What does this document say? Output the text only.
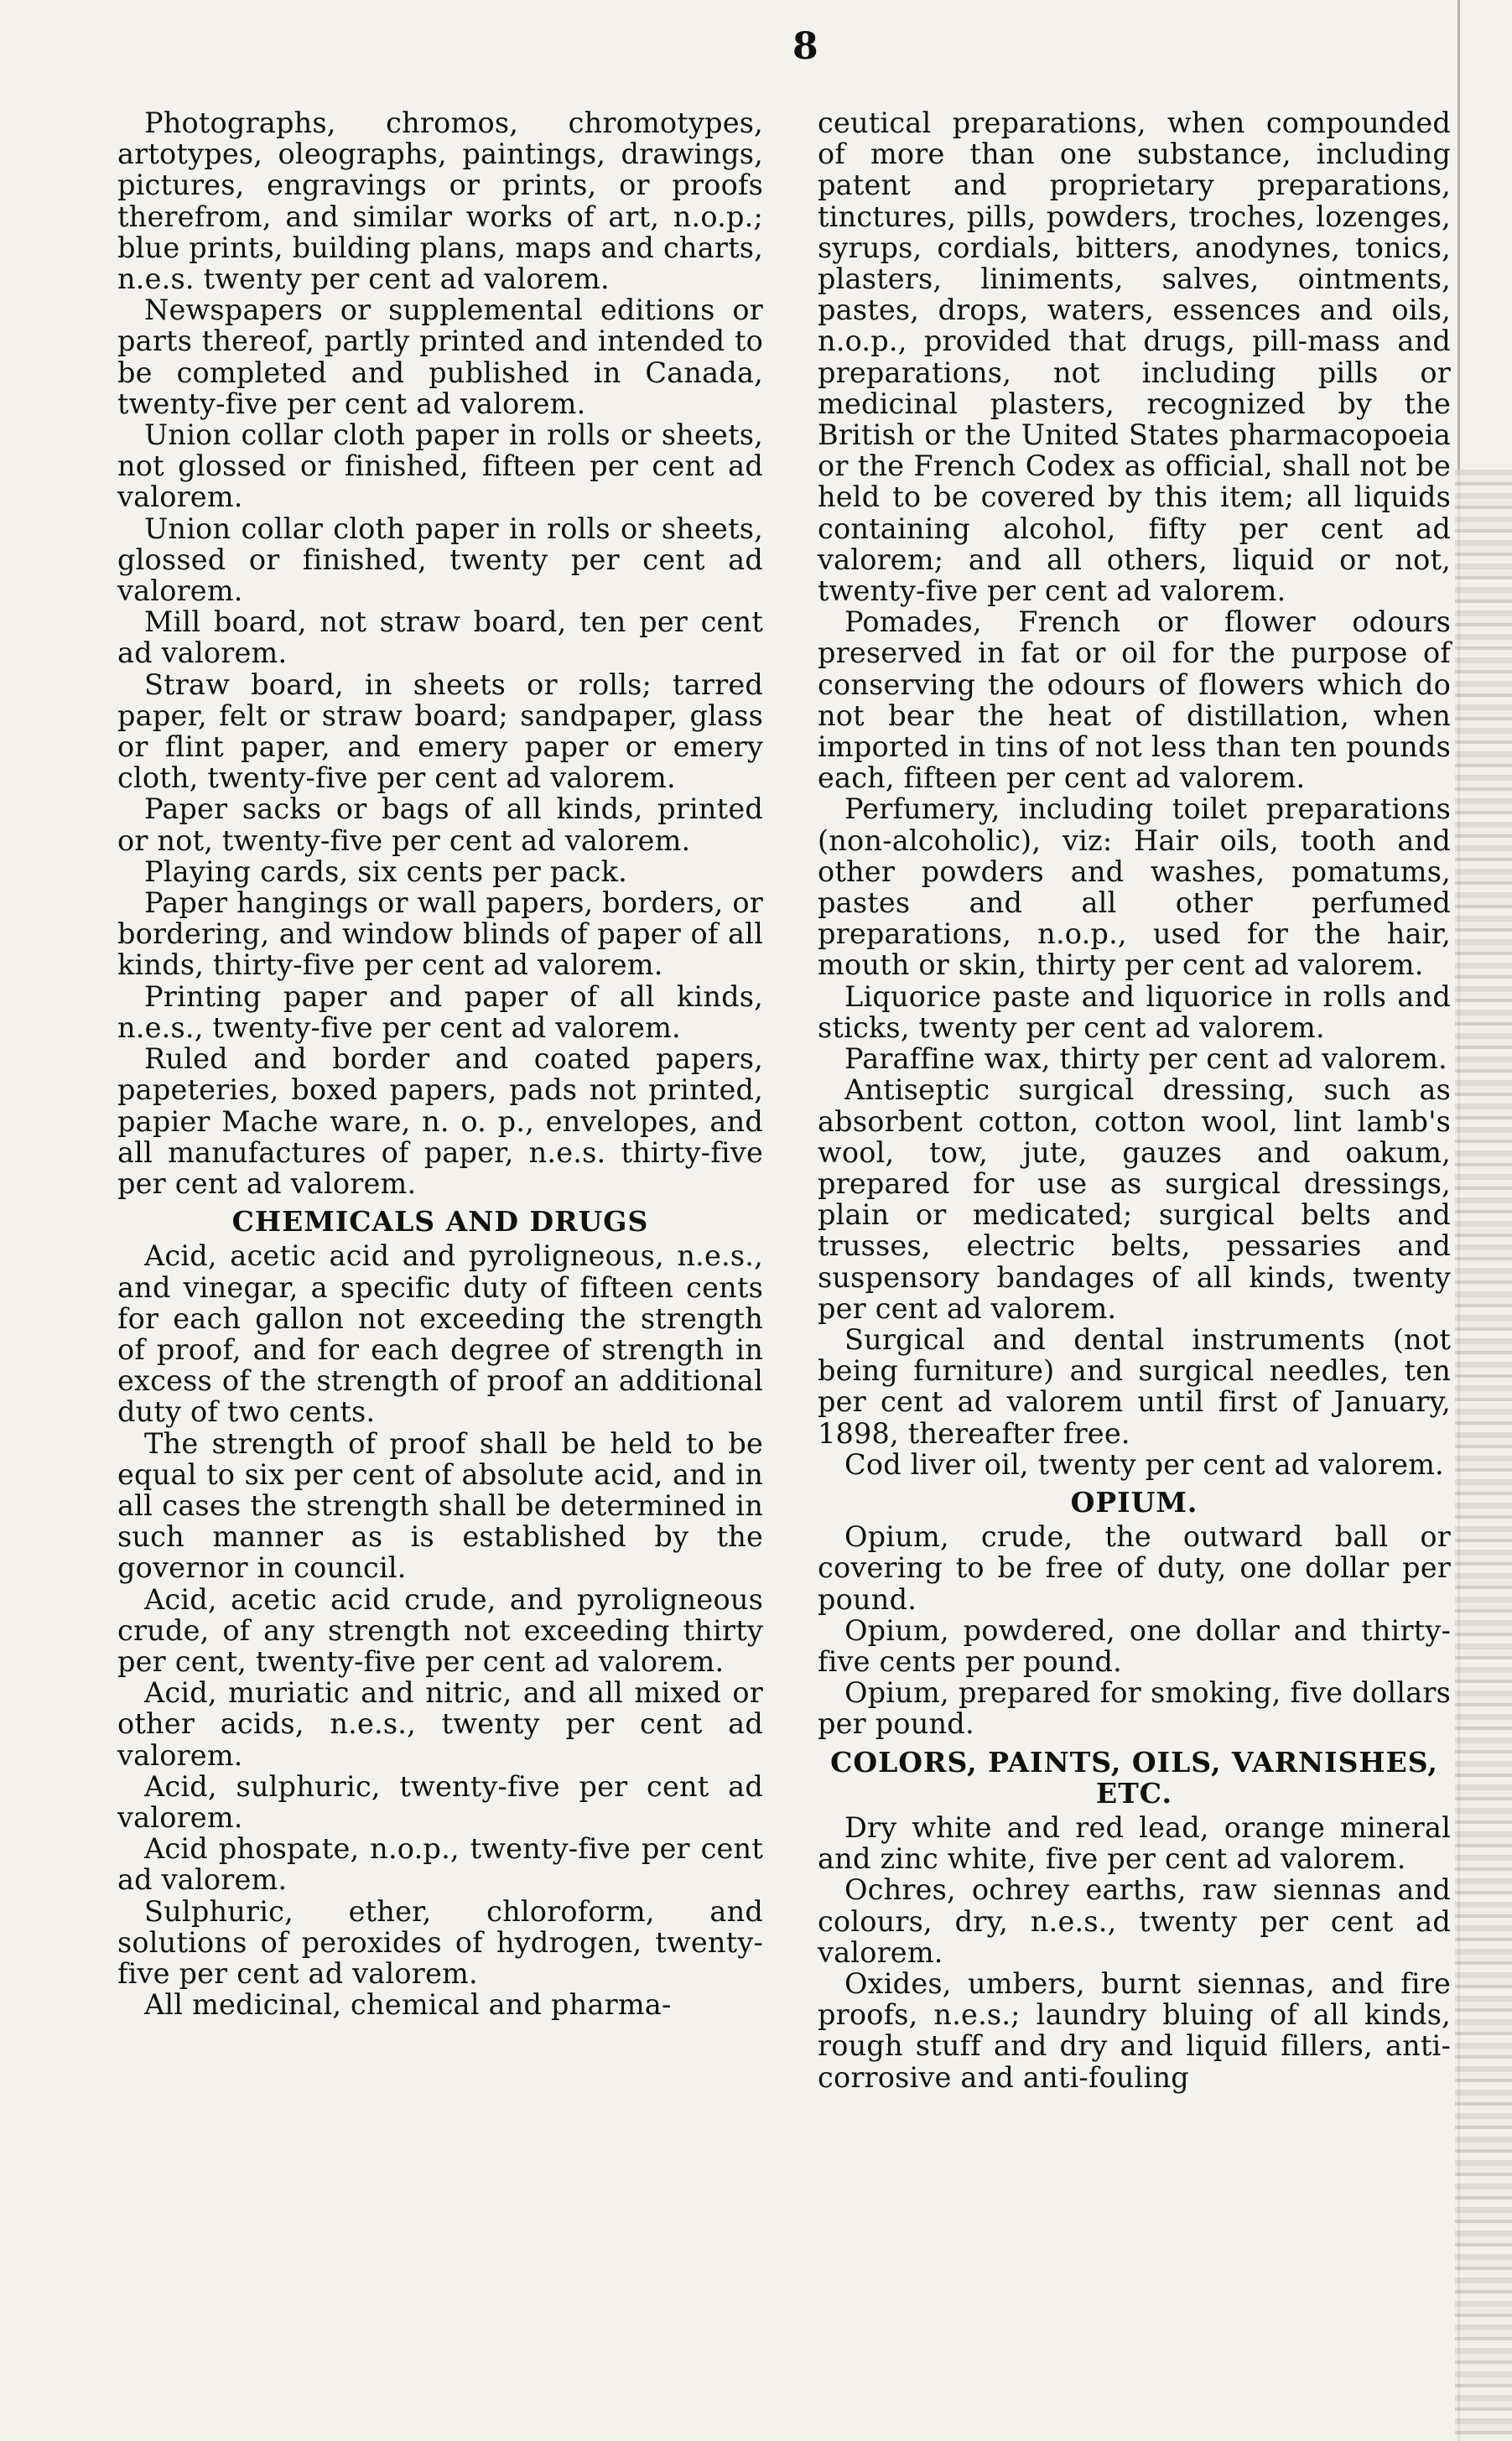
8

Photographs, chromos, chromotypes, artotypes, oleographs, paintings, drawings, pictures, engravings or prints, or proofs therefrom, and similar works of art, n.o.p.; blue prints, building plans, maps and charts, n.e.s. twenty per cent ad valorem.

Newspapers or supplemental editions or parts thereof, partly printed and intended to be completed and published in Canada, twenty-five per cent ad valorem.

Union collar cloth paper in rolls or sheets, not glossed or finished, fifteen per cent ad valorem.

Union collar cloth paper in rolls or sheets, glossed or finished, twenty per cent ad valorem.

Mill board, not straw board, ten per cent ad valorem.

Straw board, in sheets or rolls; tarred paper, felt or straw board; sandpaper, glass or flint paper, and emery paper or emery cloth, twenty-five per cent ad valorem.

Paper sacks or bags of all kinds, printed or not, twenty-five per cent ad valorem.

Playing cards, six cents per pack.

Paper hangings or wall papers, borders, or bordering, and window blinds of paper of all kinds, thirty-five per cent ad valorem.

Printing paper and paper of all kinds, n.e.s., twenty-five per cent ad valorem.

Ruled and border and coated papers, papeteries, boxed papers, pads not printed, papier Mache ware, n. o. p., envelopes, and all manufactures of paper, n.e.s. thirty-five per cent ad valorem.

CHEMICALS AND DRUGS

Acid, acetic acid and pyroligneous, n.e.s., and vinegar, a specific duty of fifteen cents for each gallon not exceeding the strength of proof, and for each degree of strength in excess of the strength of proof an additional duty of two cents.

The strength of proof shall be held to be equal to six per cent of absolute acid, and in all cases the strength shall be determined in such manner as is established by the governor in council.

Acid, acetic acid crude, and pyroligneous crude, of any strength not exceeding thirty per cent, twenty-five per cent ad valorem.

Acid, muriatic and nitric, and all mixed or other acids, n.e.s., twenty per cent ad valorem.

Acid, sulphuric, twenty-five per cent ad valorem.

Acid phospate, n.o.p., twenty-five per cent ad valorem.

Sulphuric, ether, chloroform, and solutions of peroxides of hydrogen, twenty-five per cent ad valorem.

All medicinal, chemical and pharma-

ceutical preparations, when compounded of more than one substance, including patent and proprietary preparations, tinctures, pills, powders, troches, lozenges, syrups, cordials, bitters, anodynes, tonics, plasters, liniments, salves, ointments, pastes, drops, waters, essences and oils, n.o.p., provided that drugs, pill-mass and preparations, not including pills or medicinal plasters, recognized by the British or the United States pharmacopoeia or the French Codex as official, shall not be held to be covered by this item; all liquids containing alcohol, fifty per cent ad valorem; and all others, liquid or not, twenty-five per cent ad valorem.

Pomades, French or flower odours preserved in fat or oil for the purpose of conserving the odours of flowers which do not bear the heat of distillation, when imported in tins of not less than ten pounds each, fifteen per cent ad valorem.

Perfumery, including toilet preparations (non-alcoholic), viz: Hair oils, tooth and other powders and washes, pomatums, pastes and all other perfumed preparations, n.o.p., used for the hair, mouth or skin, thirty per cent ad valorem.

Liquorice paste and liquorice in rolls and sticks, twenty per cent ad valorem.

Paraffine wax, thirty per cent ad valorem.

Antiseptic surgical dressing, such as absorbent cotton, cotton wool, lint lamb's wool, tow, jute, gauzes and oakum, prepared for use as surgical dressings, plain or medicated; surgical belts and trusses, electric belts, pessaries and suspensory bandages of all kinds, twenty per cent ad valorem.

Surgical and dental instruments (not being furniture) and surgical needles, ten per cent ad valorem until first of January, 1898, thereafter free.

Cod liver oil, twenty per cent ad valorem.

OPIUM.

Opium, crude, the outward ball or covering to be free of duty, one dollar per pound.

Opium, powdered, one dollar and thirty-five cents per pound.

Opium, prepared for smoking, five dollars per pound.

COLORS, PAINTS, OILS, VARNISHES, ETC.

Dry white and red lead, orange mineral and zinc white, five per cent ad valorem.

Ochres, ochrey earths, raw siennas and colours, dry, n.e.s., twenty per cent ad valorem.

Oxides, umbers, burnt siennas, and fire proofs, n.e.s.; laundry bluing of all kinds, rough stuff and dry and liquid fillers, anti-corrosive and anti-fouling
